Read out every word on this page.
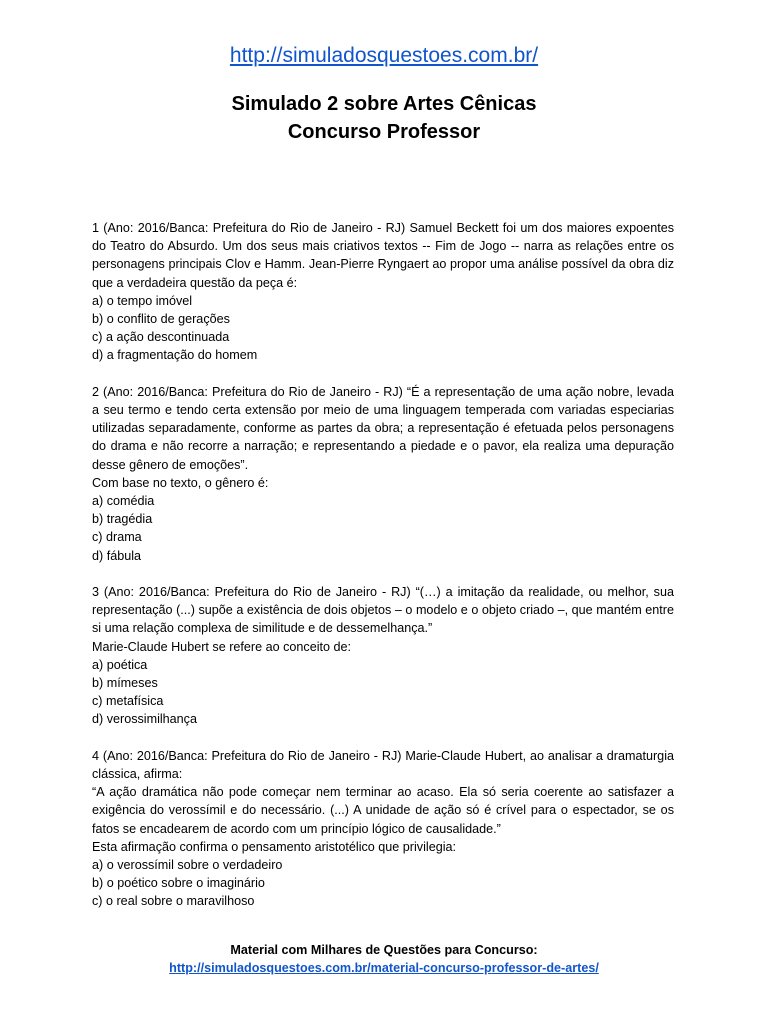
http://simuladosquestoes.com.br/
Simulado 2 sobre Artes Cênicas
Concurso Professor
1 (Ano: 2016/Banca: Prefeitura do Rio de Janeiro - RJ) Samuel Beckett foi um dos maiores expoentes do Teatro do Absurdo. Um dos seus mais criativos textos -- Fim de Jogo -- narra as relações entre os personagens principais Clov e Hamm. Jean-Pierre Ryngaert ao propor uma análise possível da obra diz que a verdadeira questão da peça é:
a) o tempo imóvel
b) o conflito de gerações
c) a ação descontinuada
d) a fragmentação do homem
2 (Ano: 2016/Banca: Prefeitura do Rio de Janeiro - RJ) “É a representação de uma ação nobre, levada a seu termo e tendo certa extensão por meio de uma linguagem temperada com variadas especiarias utilizadas separadamente, conforme as partes da obra; a representação é efetuada pelos personagens do drama e não recorre a narração; e representando a piedade e o pavor, ela realiza uma depuração desse gênero de emoções”.
Com base no texto, o gênero é:
a) comédia
b) tragédia
c) drama
d) fábula
3 (Ano: 2016/Banca: Prefeitura do Rio de Janeiro - RJ) “(…) a imitação da realidade, ou melhor, sua representação (...) supõe a existência de dois objetos – o modelo e o objeto criado –, que mantém entre si uma relação complexa de similitude e de dessemelhança.”
Marie-Claude Hubert se refere ao conceito de:
a) poética
b) mímeses
c) metafísica
d) verossimilhança
4 (Ano: 2016/Banca: Prefeitura do Rio de Janeiro - RJ) Marie-Claude Hubert, ao analisar a dramaturgia clássica, afirma:
“A ação dramática não pode começar nem terminar ao acaso. Ela só seria coerente ao satisfazer a exigência do verossímil e do necessário. (...) A unidade de ação só é crível para o espectador, se os fatos se encadearem de acordo com um princípio lógico de causalidade.”
Esta afirmação confirma o pensamento aristotélico que privilegia:
a) o verossímil sobre o verdadeiro
b) o poético sobre o imaginário
c) o real sobre o maravilhoso
Material com Milhares de Questões para Concurso:
http://simuladosquestoes.com.br/material-concurso-professor-de-artes/
